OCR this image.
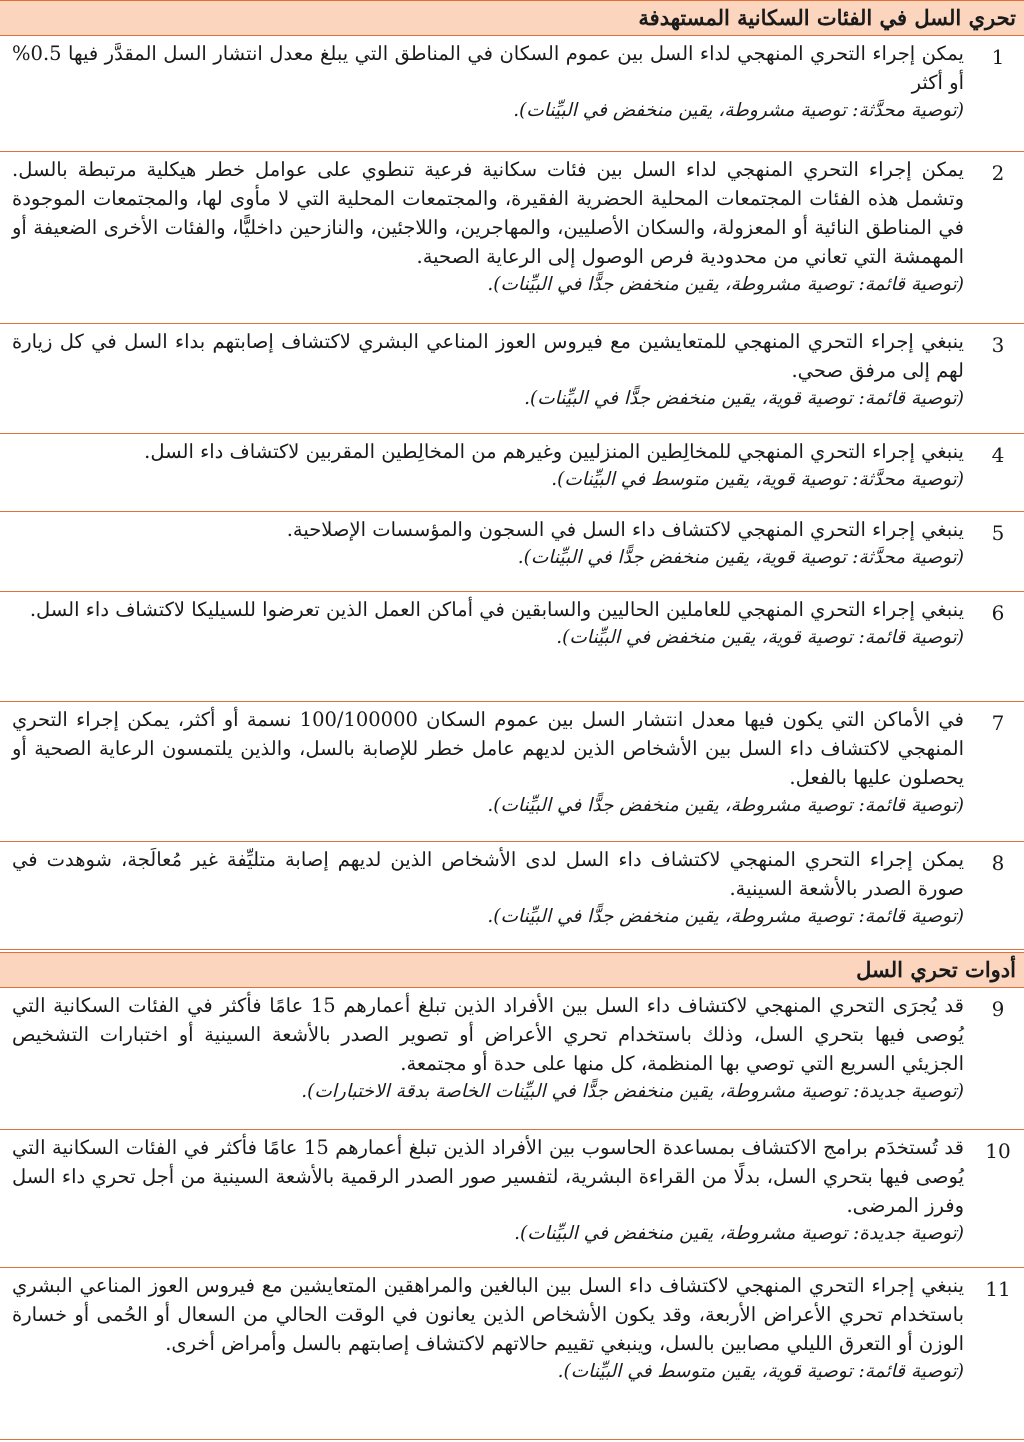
تحري السل في الفئات السكانية المستهدفة
1

يمكن إجراء التحري المنهجي لداء السل بين عموم السكان في المناطق التي يبلغ معدل انتشار السل المقدَّر فيها 0.5% أو أكثر

(توصية محدَّثة: توصية مشروطة، يقين منخفض في البيِّنات).

2

يمكن إجراء التحري المنهجي لداء السل بين فئات سكانية فرعية تنطوي على عوامل خطر هيكلية مرتبطة بالسل. وتشمل هذه الفئات المجتمعات المحلية الحضرية الفقيرة، والمجتمعات المحلية التي لا مأوى لها، والمجتمعات الموجودة في المناطق النائية أو المعزولة، والسكان الأصليين، والمهاجرين، واللاجئين، والنازحين داخليًّا، والفئات الأخرى الضعيفة أو المهمشة التي تعاني من محدودية فرص الوصول إلى الرعاية الصحية.

(توصية قائمة: توصية مشروطة، يقين منخفض جدًّا في البيِّنات).

3

ينبغي إجراء التحري المنهجي للمتعايشين مع فيروس العوز المناعي البشري لاكتشاف إصابتهم بداء السل في كل زيارة لهم إلى مرفق صحي.

(توصية قائمة: توصية قوية، يقين منخفض جدًّا في البيِّنات).

4

ينبغي إجراء التحري المنهجي للمخالِطين المنزليين وغيرهم من المخالِطين المقربين لاكتشاف داء السل.

(توصية محدَّثة: توصية قوية، يقين متوسط في البيِّنات).

5

ينبغي إجراء التحري المنهجي لاكتشاف داء السل في السجون والمؤسسات الإصلاحية.

(توصية محدَّثة: توصية قوية، يقين منخفض جدًّا في البيِّنات).

6

ينبغي إجراء التحري المنهجي للعاملين الحاليين والسابقين في أماكن العمل الذين تعرضوا للسيليكا لاكتشاف داء السل.

(توصية قائمة: توصية قوية، يقين منخفض في البيِّنات).

7

في الأماكن التي يكون فيها معدل انتشار السل بين عموم السكان 100/100000 نسمة أو أكثر، يمكن إجراء التحري المنهجي لاكتشاف داء السل بين الأشخاص الذين لديهم عامل خطر للإصابة بالسل، والذين يلتمسون الرعاية الصحية أو يحصلون عليها بالفعل.

(توصية قائمة: توصية مشروطة، يقين منخفض جدًّا في البيِّنات).

8

يمكن إجراء التحري المنهجي لاكتشاف داء السل لدى الأشخاص الذين لديهم إصابة متليِّفة غير مُعالَجة، شوهدت في صورة الصدر بالأشعة السينية.

(توصية قائمة: توصية مشروطة، يقين منخفض جدًّا في البيِّنات).

أدوات تحري السل
9

قد يُجرَى التحري المنهجي لاكتشاف داء السل بين الأفراد الذين تبلغ أعمارهم 15 عامًا فأكثر في الفئات السكانية التي يُوصى فيها بتحري السل، وذلك باستخدام تحري الأعراض أو تصوير الصدر بالأشعة السينية أو اختبارات التشخيص الجزيئي السريع التي توصي بها المنظمة، كل منها على حدة أو مجتمعة.

(توصية جديدة: توصية مشروطة، يقين منخفض جدًّا في البيِّنات الخاصة بدقة الاختبارات).

10

قد تُستخدَم برامج الاكتشاف بمساعدة الحاسوب بين الأفراد الذين تبلغ أعمارهم 15 عامًا فأكثر في الفئات السكانية التي يُوصى فيها بتحري السل، بدلًا من القراءة البشرية، لتفسير صور الصدر الرقمية بالأشعة السينية من أجل تحري داء السل وفرز المرضى.

(توصية جديدة: توصية مشروطة، يقين منخفض في البيِّنات).

11

ينبغي إجراء التحري المنهجي لاكتشاف داء السل بين البالغين والمراهقين المتعايشين مع فيروس العوز المناعي البشري باستخدام تحري الأعراض الأربعة، وقد يكون الأشخاص الذين يعانون في الوقت الحالي من السعال أو الحُمى أو خسارة الوزن أو التعرق الليلي مصابين بالسل، وينبغي تقييم حالاتهم لاكتشاف إصابتهم بالسل وأمراض أخرى.

(توصية قائمة: توصية قوية، يقين متوسط في البيِّنات).
